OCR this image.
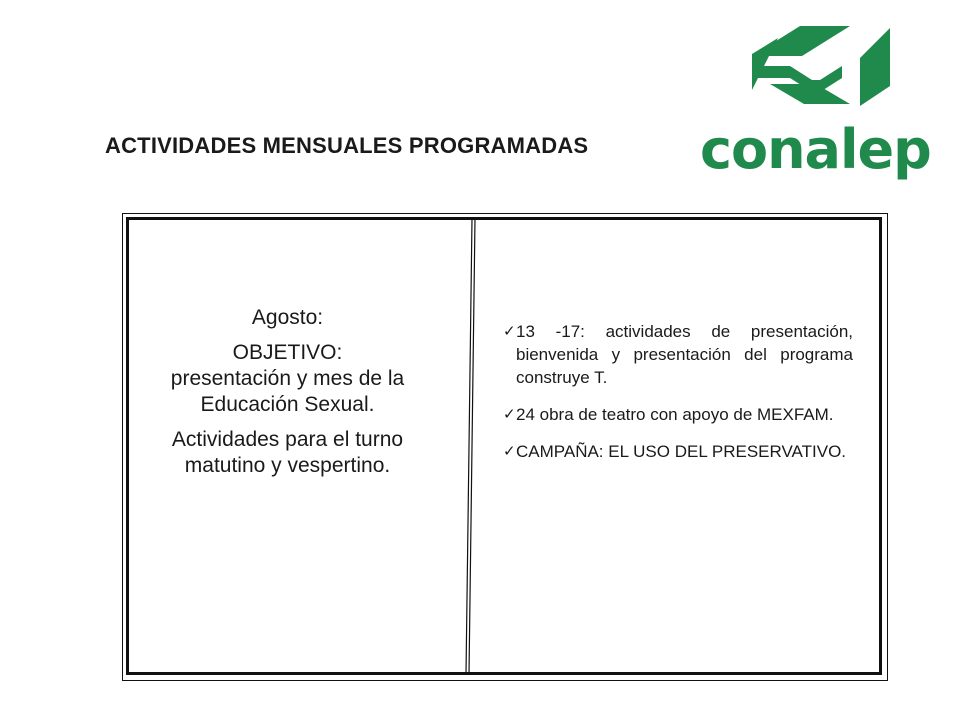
ACTIVIDADES MENSUALES PROGRAMADAS conalep

Agosto:

OBJETIVO: presentación y mes de la Educación Sexual.

Actividades para el turno matutino y vespertino.

✓ 13 -17: actividades de presentación, bienvenida y presentación del programa construye T.
✓ 24 obra de teatro con apoyo de MEXFAM.
✓ CAMPAÑA: EL USO DEL PRESERVATIVO.
